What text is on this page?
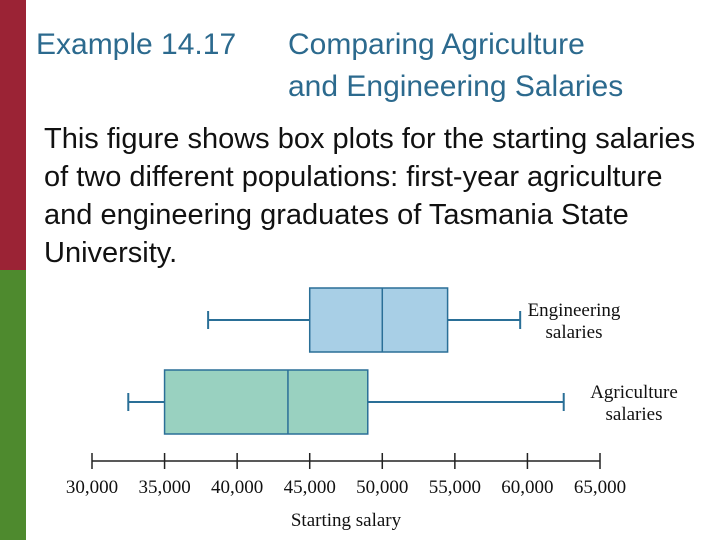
Example 14.17	Comparing Agriculture
and Engineering Salaries
This figure shows box plots for the starting salaries of two different populations: first-year agriculture and engineering graduates of Tasmania State University.
30,000 35,000 40,000 45,000 50,000 55,000 60,000 65,000
Starting salary
Engineering
salaries
Agriculture
salaries
